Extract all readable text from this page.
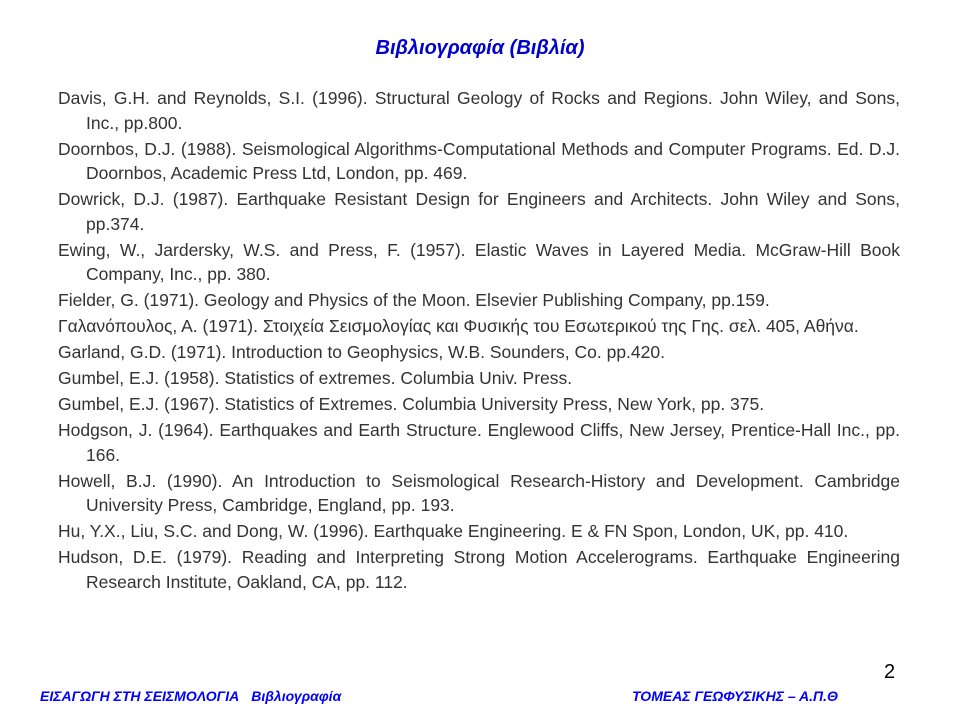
Βιβλιογραφία (Βιβλία)
Davis, G.H. and Reynolds, S.I. (1996). Structural Geology of Rocks and Regions. John Wiley, and Sons, Inc., pp.800.
Doornbos, D.J. (1988). Seismological Algorithms-Computational Methods and Computer Programs. Ed. D.J. Doornbos, Academic Press Ltd, London, pp. 469.
Dowrick, D.J. (1987). Earthquake Resistant Design for Engineers and Architects. John Wiley and Sons, pp.374.
Ewing, W., Jardersky, W.S. and Press, F. (1957). Elastic Waves in Layered Media. McGraw-Hill Book Company, Inc., pp. 380.
Fielder, G. (1971). Geology and Physics of the Moon. Elsevier Publishing Company, pp.159.
Γαλανόπουλος, Α. (1971). Στοιχεία Σεισμολογίας και Φυσικής του Εσωτερικού της Γης. σελ. 405, Αθήνα.
Garland, G.D. (1971). Introduction to Geophysics, W.B. Sounders, Co. pp.420.
Gumbel, E.J. (1958). Statistics of extremes. Columbia Univ. Press.
Gumbel, E.J. (1967). Statistics of Extremes. Columbia University Press, New York, pp. 375.
Hodgson, J. (1964). Earthquakes and Earth Structure. Englewood Cliffs, New Jersey, Prentice-Hall Inc., pp. 166.
Howell, B.J. (1990). An Introduction to Seismological Research-History and Development. Cambridge University Press, Cambridge, England, pp. 193.
Hu, Y.X., Liu, S.C. and Dong, W. (1996). Earthquake Engineering. E & FN Spon, London, UK, pp. 410.
Hudson, D.E. (1979). Reading and Interpreting Strong Motion Accelerograms. Earthquake Engineering Research Institute, Oakland, CA, pp. 112.
2
ΕΙΣΑΓΩΓΗ ΣΤΗ ΣΕΙΣΜΟΛΟΓΙΑ Βιβλιογραφία	ΤΟΜΕΑΣ ΓΕΩΦΥΣΙΚΗΣ – Α.Π.Θ
